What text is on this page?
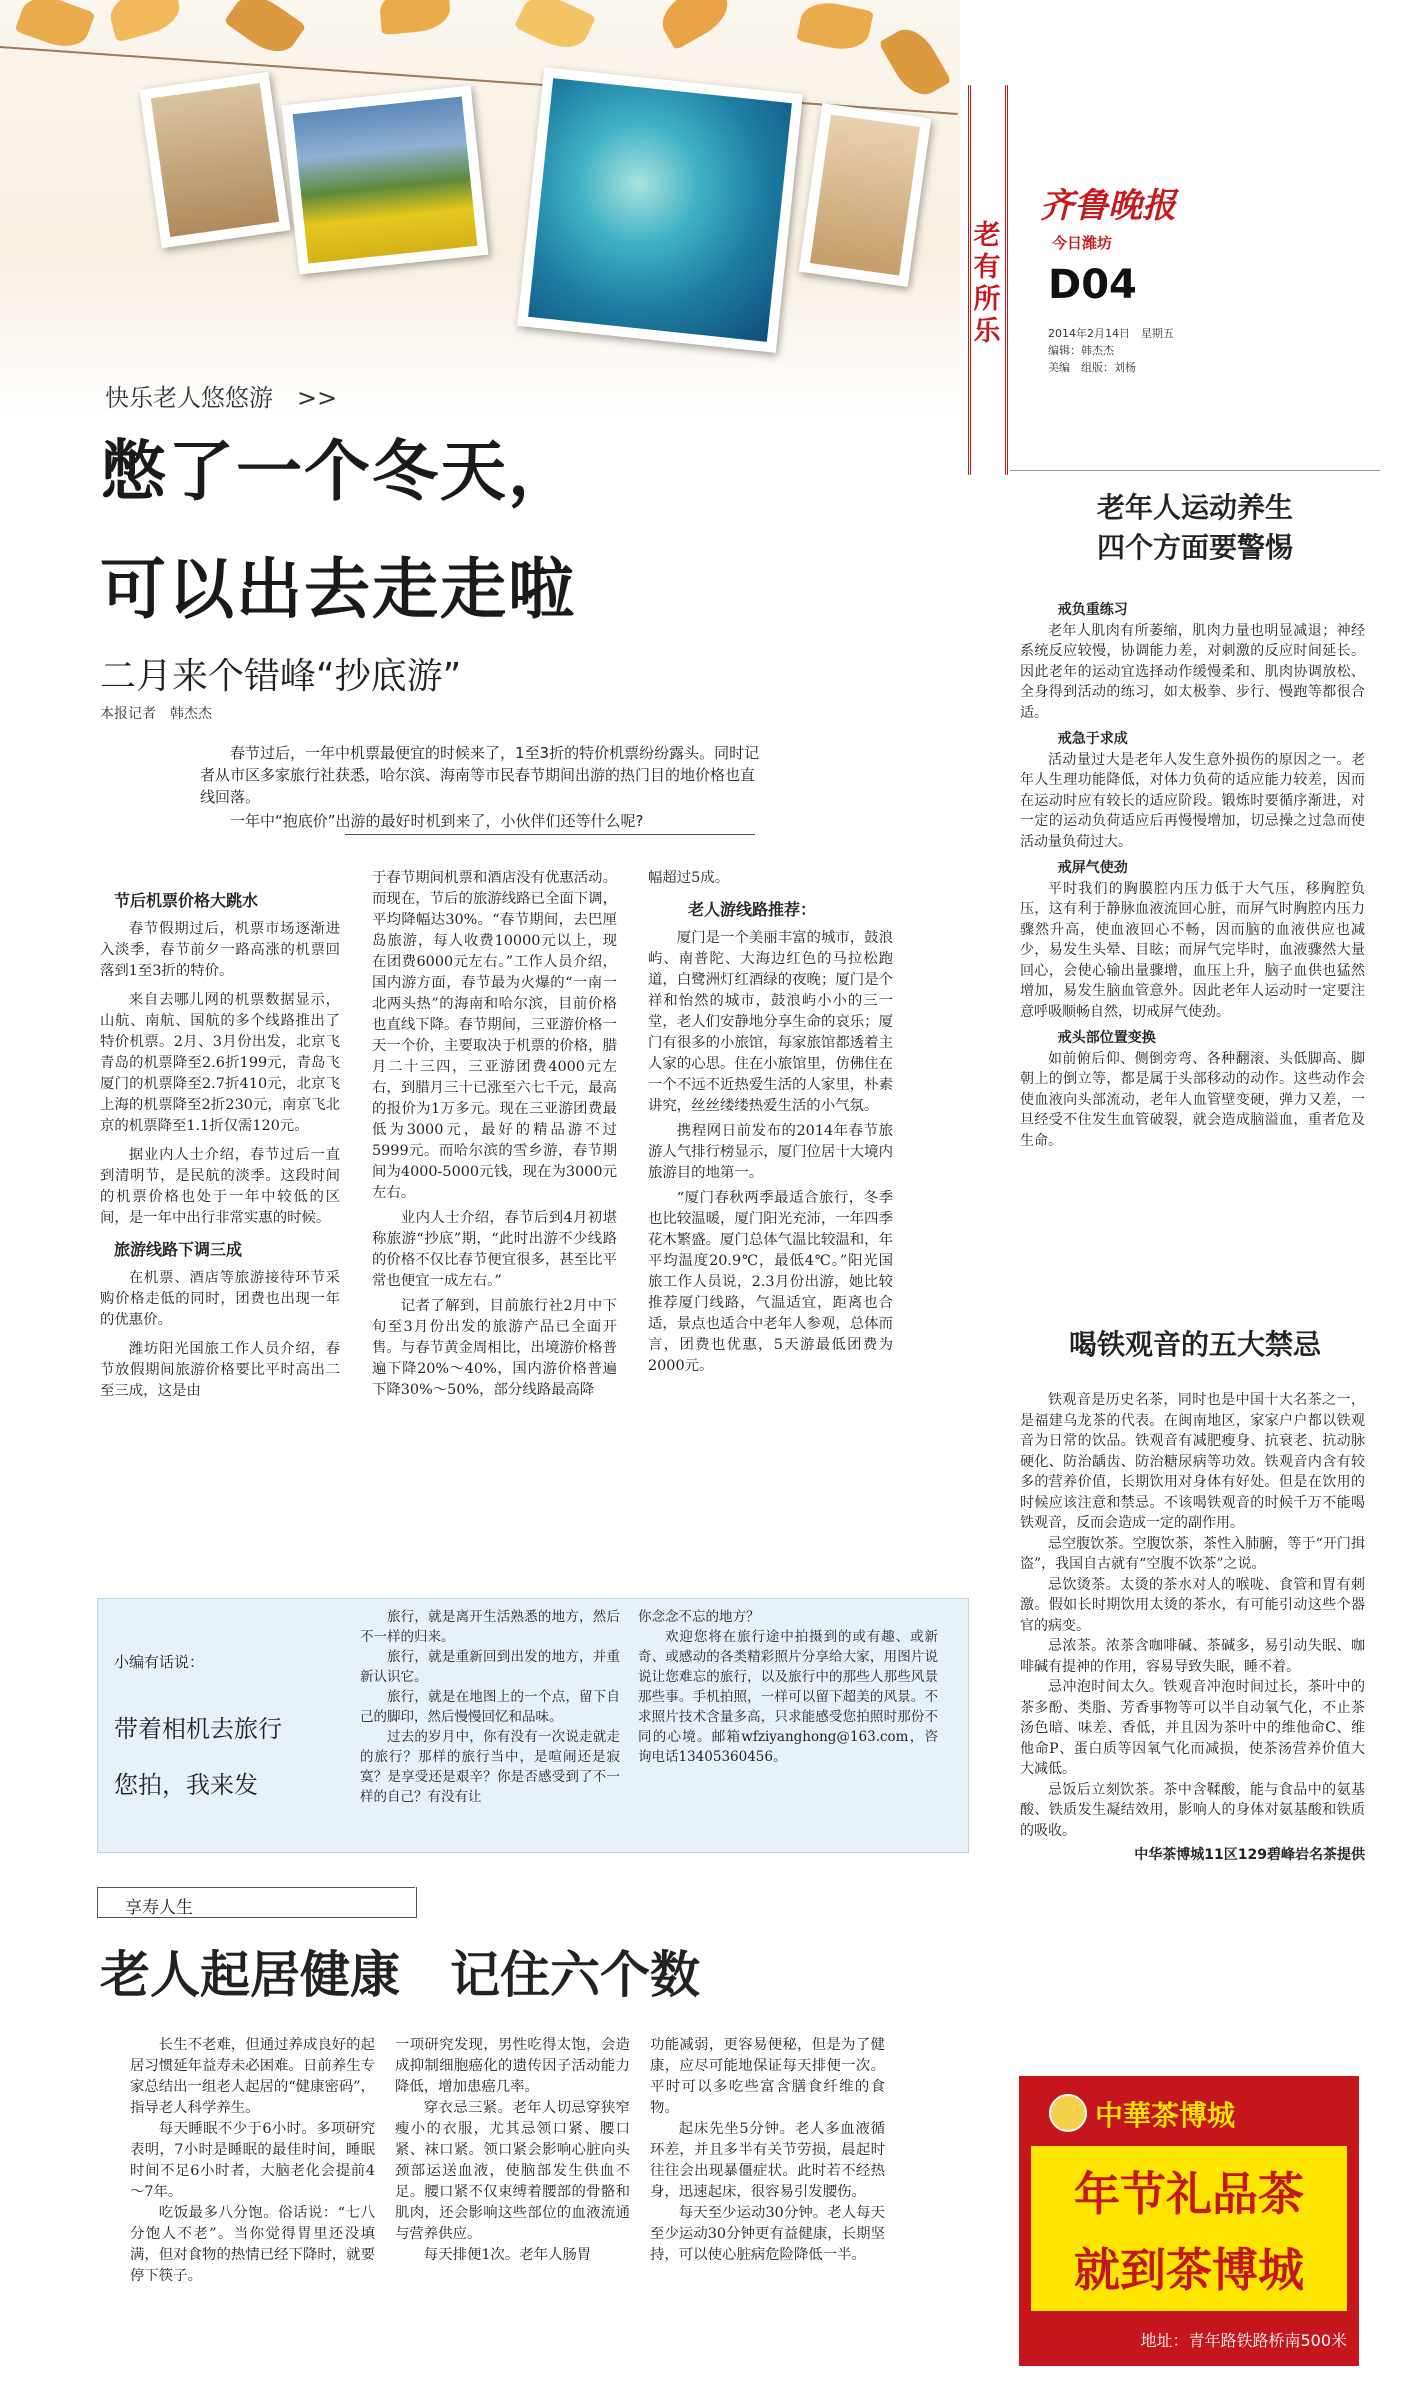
老有所乐
齐鲁晚报
今日潍坊
D04
2014年2月14日　星期五
编辑：韩杰杰
美编　组版：刘杨
快乐老人悠悠游　>>
憋了一个冬天，
可以出去走走啦
二月来个错峰“抄底游”
本报记者　韩杰杰
春节过后，一年中机票最便宜的时候来了，1至3折的特价机票纷纷露头。同时记者从市区多家旅行社获悉，哈尔滨、海南等市民春节期间出游的热门目的地价格也直线回落。
一年中“抱底价”出游的最好时机到来了，小伙伴们还等什么呢?
节后机票价格大跳水

春节假期过后，机票市场逐渐进入淡季，春节前夕一路高涨的机票回落到1至3折的特价。

来自去哪儿网的机票数据显示，山航、南航、国航的多个线路推出了特价机票。2月、3月份出发，北京飞青岛的机票降至2.6折199元，青岛飞厦门的机票降至2.7折410元，北京飞上海的机票降至2折230元，南京飞北京的机票降至1.1折仅需120元。

据业内人士介绍，春节过后一直到清明节，是民航的淡季。这段时间的机票价格也处于一年中较低的区间，是一年中出行非常实惠的时候。

旅游线路下调三成

在机票、酒店等旅游接待环节采购价格走低的同时，团费也出现一年的优惠价。

潍坊阳光国旅工作人员介绍，春节放假期间旅游价格要比平时高出二至三成，这是由

于春节期间机票和酒店没有优惠活动。而现在，节后的旅游线路已全面下调，平均降幅达30%。“春节期间，去巴厘岛旅游，每人收费10000元以上，现在团费6000元左右。”工作人员介绍，国内游方面，春节最为火爆的“一南一北两头热”的海南和哈尔滨，目前价格也直线下降。春节期间，三亚游价格一天一个价，主要取决于机票的价格，腊月二十三四，三亚游团费4000元左右，到腊月三十已涨至六七千元，最高的报价为1万多元。现在三亚游团费最低为3000元，最好的精品游不过5999元。而哈尔滨的雪乡游，春节期间为4000-5000元钱，现在为3000元左右。

业内人士介绍，春节后到4月初堪称旅游“抄底”期，“此时出游不少线路的价格不仅比春节便宜很多，甚至比平常也便宜一成左右。”

记者了解到，目前旅行社2月中下旬至3月份出发的旅游产品已全面开售。与春节黄金周相比，出境游价格普遍下降20%～40%，国内游价格普遍下降30%～50%，部分线路最高降

幅超过5成。

老人游线路推荐：

厦门是一个美丽丰富的城市，鼓浪屿、南普陀、大海边红色的马拉松跑道，白鹭洲灯红酒绿的夜晚；厦门是个祥和怡然的城市，鼓浪屿小小的三一堂，老人们安静地分享生命的哀乐；厦门有很多的小旅馆，每家旅馆都透着主人家的心思。住在小旅馆里，仿佛住在一个不远不近热爱生活的人家里，朴素讲究，丝丝缕缕热爱生活的小气氛。

携程网日前发布的2014年春节旅游人气排行榜显示，厦门位居十大境内旅游目的地第一。

“厦门春秋两季最适合旅行，冬季也比较温暖，厦门阳光充沛，一年四季花木繁盛。厦门总体气温比较温和，年平均温度20.9℃，最低4℃。”阳光国旅工作人员说，2.3月份出游，她比较推荐厦门线路，气温适宜，距离也合适，景点也适合中老年人参观，总体而言，团费也优惠，5天游最低团费为2000元。

老年人运动养生
四个方面要警惕
戒负重练习

老年人肌肉有所萎缩，肌肉力量也明显减退；神经系统反应较慢，协调能力差，对刺激的反应时间延长。因此老年的运动宜选择动作缓慢柔和、肌肉协调放松、全身得到活动的练习，如太极拳、步行、慢跑等都很合适。

戒急于求成

活动量过大是老年人发生意外损伤的原因之一。老年人生理功能降低，对体力负荷的适应能力较差，因而在运动时应有较长的适应阶段。锻炼时要循序渐进，对一定的运动负荷适应后再慢慢增加，切忌操之过急而使活动量负荷过大。

戒屏气使劲

平时我们的胸膜腔内压力低于大气压，移胸腔负压，这有利于静脉血液流回心脏，而屏气时胸腔内压力骤然升高，使血液回心不畅，因而脑的血液供应也减少，易发生头晕、目眩；而屏气完毕时，血液骤然大量回心，会使心输出量骤增，血压上升，脑子血供也猛然增加，易发生脑血管意外。因此老年人运动时一定要注意呼吸顺畅自然，切戒屏气使劲。

戒头部位置变换

如前俯后仰、侧倒旁弯、各种翻滚、头低脚高、脚朝上的倒立等，都是属于头部移动的动作。这些动作会使血液向头部流动，老年人血管壁变硬，弹力又差，一旦经受不住发生血管破裂，就会造成脑溢血，重者危及生命。

喝铁观音的五大禁忌

铁观音是历史名茶，同时也是中国十大名茶之一，是福建乌龙茶的代表。在闽南地区，家家户户都以铁观音为日常的饮品。铁观音有减肥瘦身、抗衰老、抗动脉硬化、防治龋齿、防治糖尿病等功效。铁观音内含有较多的营养价值，长期饮用对身体有好处。但是在饮用的时候应该注意和禁忌。不该喝铁观音的时候千万不能喝铁观音，反而会造成一定的副作用。

忌空腹饮茶。空腹饮茶，茶性入肺腑，等于“开门揖盗”，我国自古就有“空腹不饮茶”之说。

忌饮烫茶。太烫的茶水对人的喉咙、食管和胃有刺激。假如长时期饮用太烫的茶水，有可能引动这些个器官的病变。

忌浓茶。浓茶含咖啡碱、茶碱多，易引动失眠、咖啡碱有提神的作用，容易导致失眠，睡不着。

忌冲泡时间太久。铁观音冲泡时间过长，茶叶中的茶多酚、类脂、芳香事物等可以半自动氧气化，不止茶汤色暗、味差、香低，并且因为茶叶中的维他命C、维他命P、蛋白质等因氧气化而减损，使茶汤营养价值大大减低。

忌饭后立刻饮茶。茶中含鞣酸，能与食品中的氨基酸、铁质发生凝结效用，影响人的身体对氨基酸和铁质的吸收。

中华茶博城11区129碧峰岩名茶提供
小编有话说：
带着相机去旅行
您拍，我来发

旅行，就是离开生活熟悉的地方，然后不一样的归来。

旅行，就是重新回到出发的地方，并重新认识它。

旅行，就是在地图上的一个点，留下自己的脚印，然后慢慢回忆和品味。

过去的岁月中，你有没有一次说走就走的旅行？那样的旅行当中，是喧闹还是寂寞？是享受还是艰辛？你是否感受到了不一样的自己？有没有让

你念念不忘的地方？

欢迎您将在旅行途中拍摄到的或有趣、或新奇、或感动的各类精彩照片分享给大家，用图片说说让您难忘的旅行，以及旅行中的那些人那些风景那些事。手机拍照，一样可以留下超美的风景。不求照片技术含量多高，只求能感受您拍照时那份不同的心境。邮箱wfziyanghong@163.com，咨询电话13405360456。

享寿人生
老人起居健康　记住六个数

长生不老难，但通过养成良好的起居习惯延年益寿未必困难。日前养生专家总结出一组老人起居的“健康密码”，指导老人科学养生。

每天睡眠不少于6小时。多项研究表明，7小时是睡眠的最佳时间，睡眠时间不足6小时者，大脑老化会提前4～7年。

吃饭最多八分饱。俗话说：“七八分饱人不老”。当你觉得胃里还没填满，但对食物的热情已经下降时，就要停下筷子。

一项研究发现，男性吃得太饱，会造成抑制细胞癌化的遗传因子活动能力降低，增加患癌几率。

穿衣忌三紧。老年人切忌穿狭窄瘦小的衣服，尤其忌领口紧、腰口紧、袜口紧。领口紧会影响心脏向头颈部运送血液，使脑部发生供血不足。腰口紧不仅束缚着腰部的骨骼和肌肉，还会影响这些部位的血液流通与营养供应。

每天排便1次。老年人肠胃

功能减弱，更容易便秘，但是为了健康，应尽可能地保证每天排便一次。平时可以多吃些富含膳食纤维的食物。

起床先坐5分钟。老人多血液循环差，并且多半有关节劳损，晨起时往往会出现暴僵症状。此时若不经热身，迅速起床，很容易引发腰伤。

每天至少运动30分钟。老人每天至少运动30分钟更有益健康，长期坚持，可以使心脏病危险降低一半。

中華茶博城
年节礼品茶
就到茶博城
地址：青年路铁路桥南500米
